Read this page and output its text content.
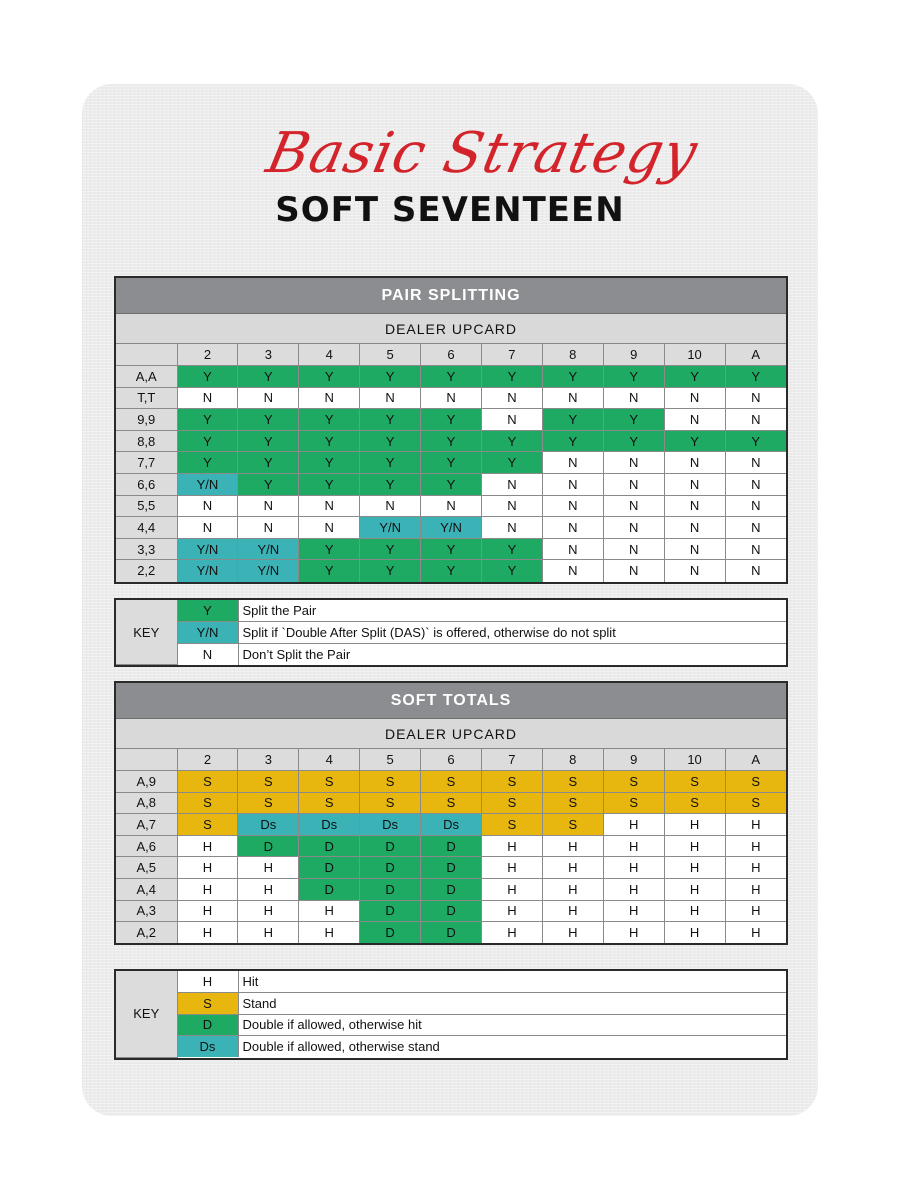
Basic Strategy
SOFT SEVENTEEN
PAIR SPLITTING
DEALER UPCARD
	2	3	4	5	6	7	8	9	10	A
A,A	Y	Y	Y	Y	Y	Y	Y	Y	Y	Y
T,T	N	N	N	N	N	N	N	N	N	N
9,9	Y	Y	Y	Y	Y	N	Y	Y	N	N
8,8	Y	Y	Y	Y	Y	Y	Y	Y	Y	Y
7,7	Y	Y	Y	Y	Y	Y	N	N	N	N
6,6	Y/N	Y	Y	Y	Y	N	N	N	N	N
5,5	N	N	N	N	N	N	N	N	N	N
4,4	N	N	N	Y/N	Y/N	N	N	N	N	N
3,3	Y/N	Y/N	Y	Y	Y	Y	N	N	N	N
2,2	Y/N	Y/N	Y	Y	Y	Y	N	N	N	N
KEY	Y	Split the Pair
	Y/N	Split if `Double After Split (DAS)` is offered, otherwise do not split
	N	Don’t Split the Pair
SOFT TOTALS
DEALER UPCARD
	2	3	4	5	6	7	8	9	10	A
A,9	S	S	S	S	S	S	S	S	S	S
A,8	S	S	S	S	S	S	S	S	S	S
A,7	S	Ds	Ds	Ds	Ds	S	S	H	H	H
A,6	H	D	D	D	D	H	H	H	H	H
A,5	H	H	D	D	D	H	H	H	H	H
A,4	H	H	D	D	D	H	H	H	H	H
A,3	H	H	H	D	D	H	H	H	H	H
A,2	H	H	H	D	D	H	H	H	H	H
KEY	H	Hit
	S	Stand
	D	Double if allowed, otherwise hit
	Ds	Double if allowed, otherwise stand
